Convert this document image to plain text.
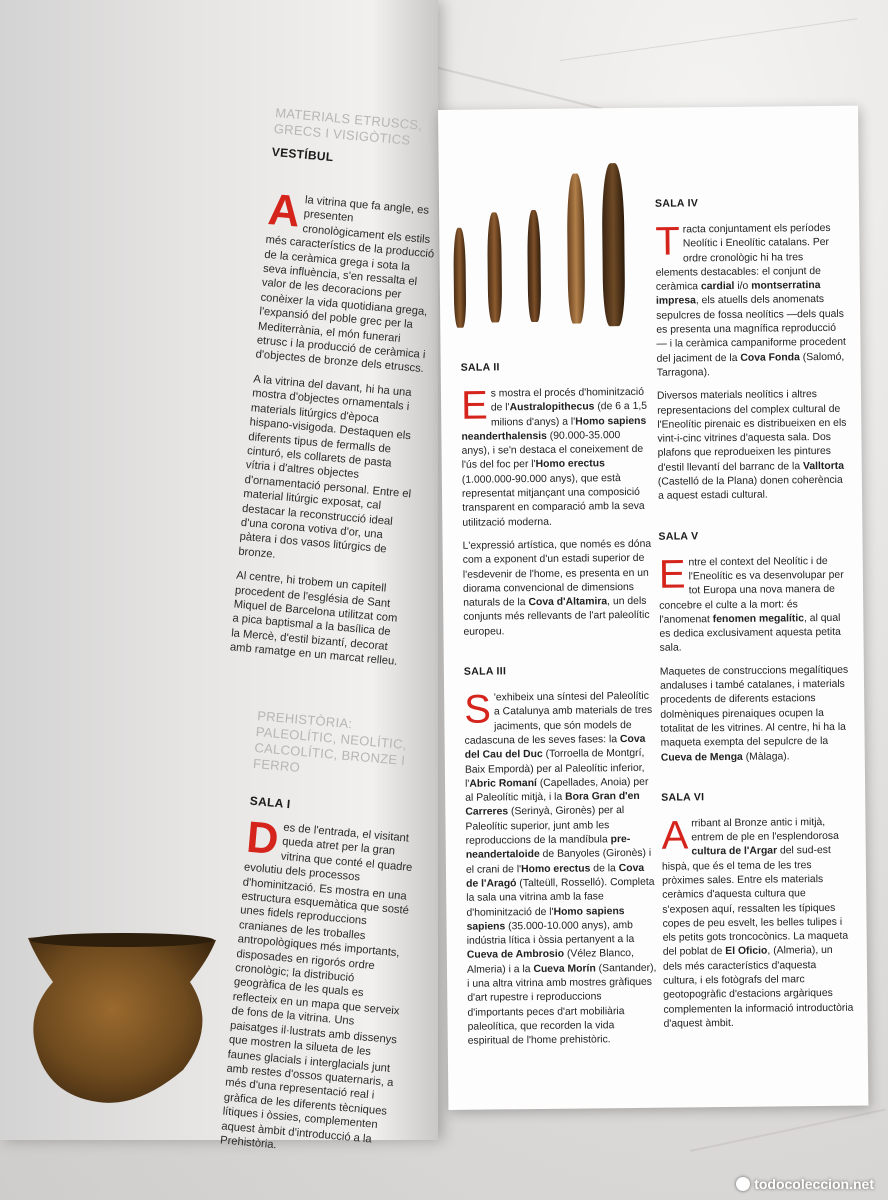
MATERIALS ETRUSCS, GRECS I VISIGÒTICS

VESTÍBUL

Ala vitrina que fa angle, es presenten cronològicament els estils més característics de la producció de la ceràmica grega i sota la seva influència, s'en ressalta el valor de les decoracions per conèixer la vida quotidiana grega, l'expansió del poble grec per la Mediterrània, el món funerari etrusc i la producció de ceràmica i d'objectes de bronze dels etruscs.

A la vitrina del davant, hi ha una mostra d'objectes ornamentals i materials litúrgics d'època hispano-visigoda. Destaquen els diferents tipus de fermalls de cinturó, els collarets de pasta vítria i d'altres objectes d'ornamentació personal. Entre el material litúrgic exposat, cal destacar la reconstrucció ideal d'una corona votiva d'or, una pàtera i dos vasos litúrgics de bronze.

Al centre, hi trobem un capitell procedent de l'església de Sant Miquel de Barcelona utilitzat com a pica baptismal a la basílica de la Mercè, d'estil bizantí, decorat amb ramatge en un marcat relleu.

PREHISTÒRIA: PALEOLÍTIC, NEOLÍTIC, CALCOLÍTIC, BRONZE I FERRO

SALA I

Des de l'entrada, el visitant queda atret per la gran vitrina que conté el quadre evolutiu dels processos d'hominització. Es mostra en una estructura esquemàtica que sosté unes fidels reproduccions cranianes de les troballes antropològiques més importants, disposades en rigorós ordre cronològic; la distribució geogràfica de les quals es reflecteix en un mapa que serveix de fons de la vitrina. Uns paisatges il·lustrats amb dissenys que mostren la silueta de les faunes glacials i interglacials junt amb restes d'ossos quaternaris, a més d'una representació real i gràfica de les diferents tècniques lítiques i òssies, complementen aquest àmbit d'introducció a la Prehistòria.

SALA II

Es mostra el procés d'hominització de l'Australopithecus (de 6 a 1,5 milions d'anys) a l'Homo sapiens neanderthalensis (90.000-35.000 anys), i se'n destaca el coneixement de l'ús del foc per l'Homo erectus (1.000.000-90.000 anys), que està representat mitjançant una composició transparent en comparació amb la seva utilització moderna.

L'expressió artística, que només es dóna com a exponent d'un estadi superior de l'esdevenir de l'home, es presenta en un diorama convencional de dimensions naturals de la Cova d'Altamira, un dels conjunts més rellevants de l'art paleolític europeu.

SALA III

S 'exhibeix una síntesi del Paleolític a Catalunya amb materials de tres jaciments, que són models de cadascuna de les seves fases: la Cova del Cau del Duc (Torroella de Montgrí, Baix Empordà) per al Paleolític inferior, l'Abric Romaní (Capellades, Anoia) per al Paleolític mitjà, i la Bora Gran d'en Carreres (Serinyà, Gironès) per al Paleolític superior, junt amb les reproduccions de la mandíbula pre-neandertaloide de Banyoles (Gironès) i el crani de l'Homo erectus de la Cova de l'Aragó (Talteüll, Rosselló). Completa la sala una vitrina amb la fase d'hominització de l'Homo sapiens sapiens (35.000-10.000 anys), amb indústria lítica i òssia pertanyent a la Cueva de Ambrosio (Vélez Blanco, Almeria) i a la Cueva Morín (Santander), i una altra vitrina amb mostres gràfiques d'art rupestre i reproduccions d'importants peces d'art mobiliària paleolítica, que recorden la vida espiritual de l'home prehistòric.

SALA IV

Tracta conjuntament els períodes Neolític i Eneolític catalans. Per ordre cronològic hi ha tres elements destacables: el conjunt de ceràmica cardial i/o montserratina impresa, els atuells dels anomenats sepulcres de fossa neolítics —dels quals es presenta una magnífica reproducció— i la ceràmica campaniforme procedent del jaciment de la Cova Fonda (Salomó, Tarragona).

Diversos materials neolítics i altres representacions del complex cultural de l'Eneolític pirenaic es distribueixen en els vint-i-cinc vitrines d'aquesta sala. Dos plafons que reprodueixen les pintures d'estil llevantí del barranc de la Valltorta (Castelló de la Plana) donen coherència a aquest estadi cultural.

SALA V

Entre el context del Neolític i de l'Eneolític es va desenvolupar per tot Europa una nova manera de concebre el culte a la mort: és l'anomenat fenomen megalític, al qual es dedica exclusivament aquesta petita sala.

Maquetes de construccions megalítiques andaluses i també catalanes, i materials procedents de diferents estacions dolmèniques pirenaiques ocupen la totalitat de les vitrines. Al centre, hi ha la maqueta exempta del sepulcre de la Cueva de Menga (Màlaga).

SALA VI

Arribant al Bronze antic i mitjà, entrem de ple en l'esplendorosa cultura de l'Argar del sud-est hispà, que és el tema de les tres pròximes sales. Entre els materials ceràmics d'aquesta cultura que s'exposen aquí, ressalten les típiques copes de peu esvelt, les belles tulipes i els petits gots troncocònics. La maqueta del poblat de El Oficio, (Almeria), un dels més característics d'aquesta cultura, i els fotògrafs del marc geotopogràfic d'estacions argàriques complementen la informació introductòria d'aquest àmbit.

todocoleccion.net
